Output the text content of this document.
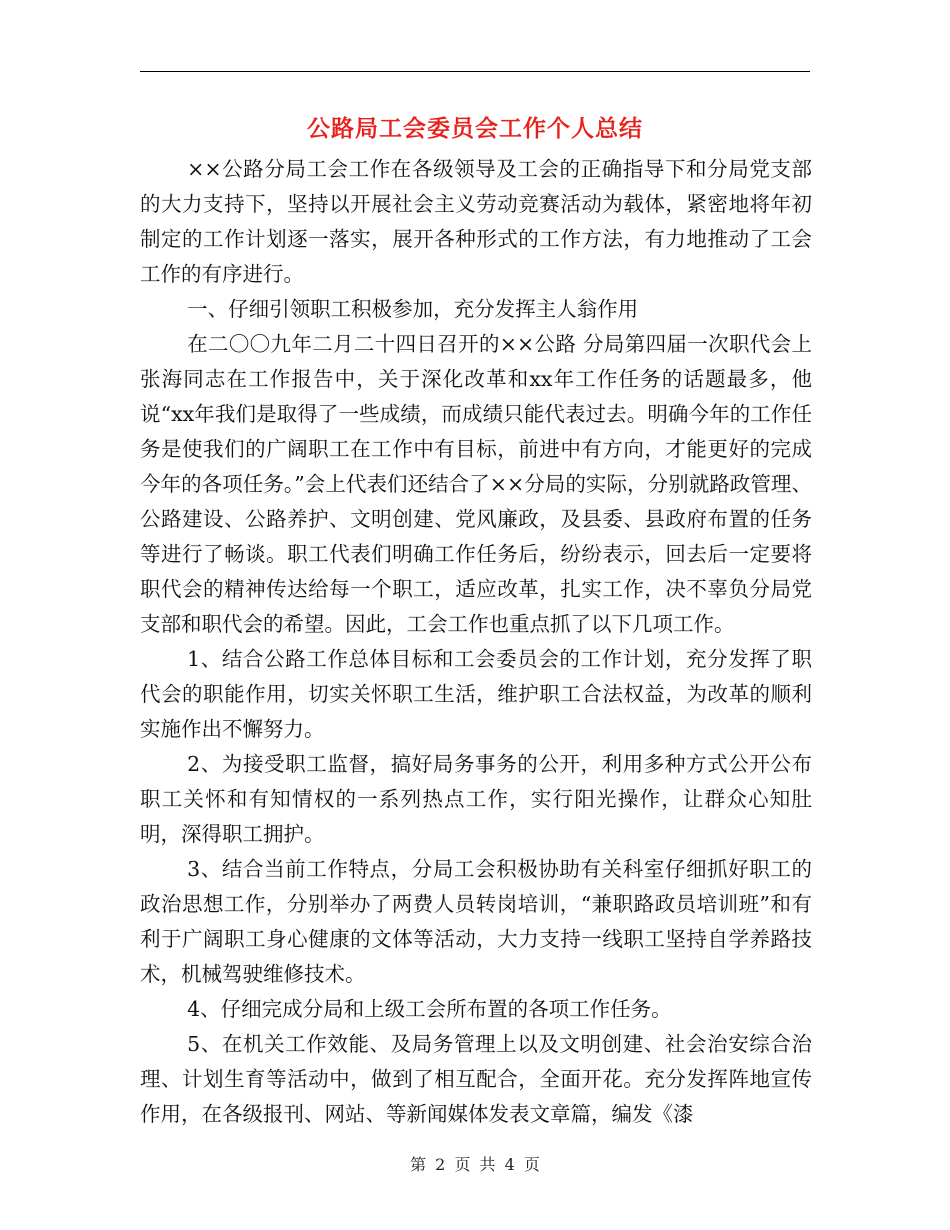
公路局工会委员会工作个人总结

××公路分局工会工作在各级领导及工会的正确指导下和分局党支部的大力支持下，坚持以开展社会主义劳动竞赛活动为载体，紧密地将年初制定的工作计划逐一落实，展开各种形式的工作方法，有力地推动了工会工作的有序进行。

一、仔细引领职工积极参加，充分发挥主人翁作用

在二〇〇九年二月二十四日召开的××公路 分局第四届一次职代会上张海同志在工作报告中，关于深化改革和xx年工作任务的话题最多，他说“xx年我们是取得了一些成绩，而成绩只能代表过去。明确今年的工作任务是使我们的广阔职工在工作中有目标，前进中有方向，才能更好的完成今年的各项任务。”会上代表们还结合了××分局的实际，分别就路政管理、公路建设、公路养护、文明创建、党风廉政，及县委、县政府布置的任务等进行了畅谈。职工代表们明确工作任务后，纷纷表示，回去后一定要将职代会的精神传达给每一个职工，适应改革，扎实工作，决不辜负分局党支部和职代会的希望。因此，工会工作也重点抓了以下几项工作。

1、结合公路工作总体目标和工会委员会的工作计划，充分发挥了职代会的职能作用，切实关怀职工生活，维护职工合法权益，为改革的顺利实施作出不懈努力。

2、为接受职工监督，搞好局务事务的公开，利用多种方式公开公布职工关怀和有知情权的一系列热点工作，实行阳光操作，让群众心知肚明，深得职工拥护。

3、结合当前工作特点，分局工会积极协助有关科室仔细抓好职工的政治思想工作，分别举办了两费人员转岗培训，“兼职路政员培训班”和有利于广阔职工身心健康的文体等活动，大力支持一线职工坚持自学养路技术，机械驾驶维修技术。

4、仔细完成分局和上级工会所布置的各项工作任务。

5、在机关工作效能、及局务管理上以及文明创建、社会治安综合治理、计划生育等活动中，做到了相互配合，全面开花。充分发挥阵地宣传作用，在各级报刊、网站、等新闻媒体发表文章篇，编发《漆

第 2 页 共 4 页
